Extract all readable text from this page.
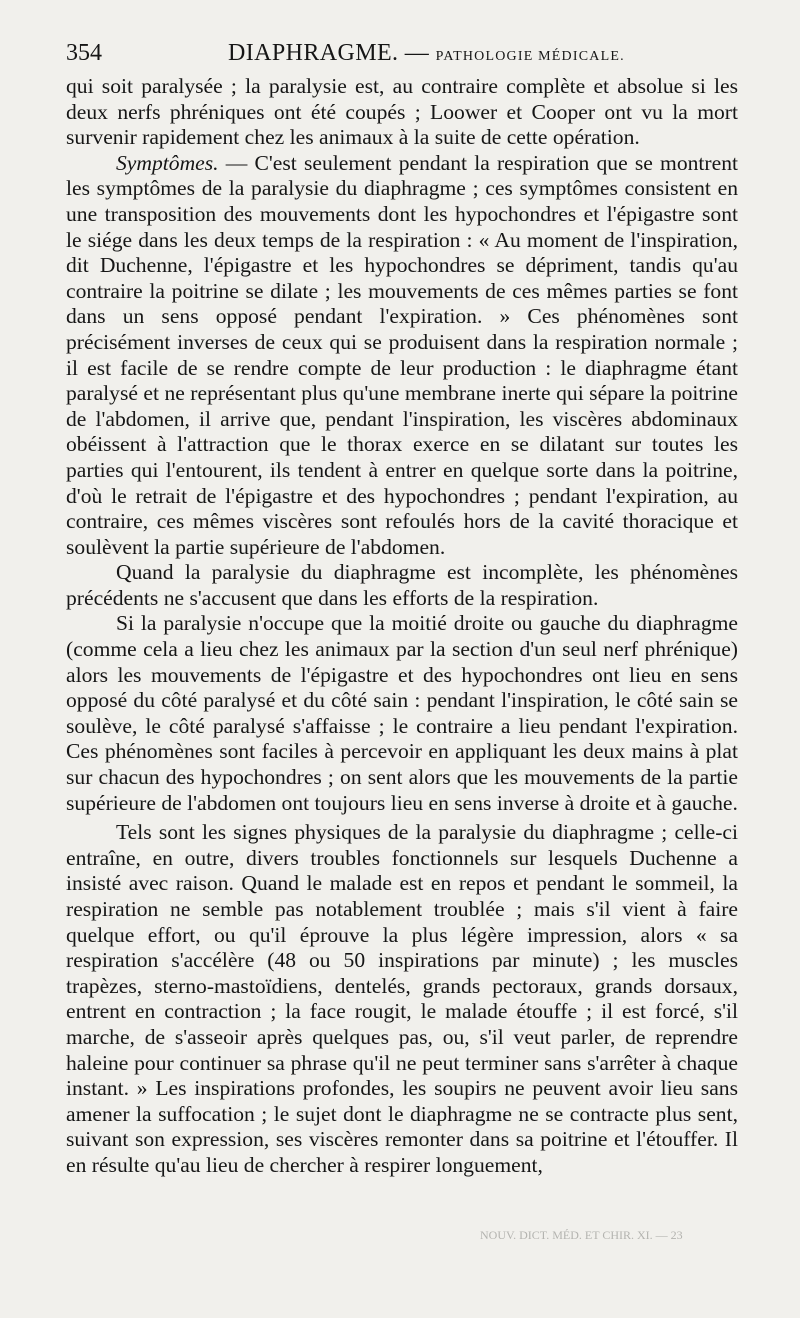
354	DIAPHRAGME. — PATHOLOGIE MÉDICALE.

qui soit paralysée ; la paralysie est, au contraire complète et absolue si les deux nerfs phréniques ont été coupés ; Loower et Cooper ont vu la mort survenir rapidement chez les animaux à la suite de cette opération.

Symptômes. — C'est seulement pendant la respiration que se montrent les symptômes de la paralysie du diaphragme ; ces symptômes consistent en une transposition des mouvements dont les hypochondres et l'épigastre sont le siége dans les deux temps de la respiration : « Au moment de l'inspiration, dit Duchenne, l'épigastre et les hypochondres se dépriment, tandis qu'au contraire la poitrine se dilate ; les mouvements de ces mêmes parties se font dans un sens opposé pendant l'expiration. » Ces phénomènes sont précisément inverses de ceux qui se produisent dans la respiration normale ; il est facile de se rendre compte de leur production : le diaphragme étant paralysé et ne représentant plus qu'une membrane inerte qui sépare la poitrine de l'abdomen, il arrive que, pendant l'inspiration, les viscères abdominaux obéissent à l'attraction que le thorax exerce en se dilatant sur toutes les parties qui l'entourent, ils tendent à entrer en quelque sorte dans la poitrine, d'où le retrait de l'épigastre et des hypochondres ; pendant l'expiration, au contraire, ces mêmes viscères sont refoulés hors de la cavité thoracique et soulèvent la partie supérieure de l'abdomen.

Quand la paralysie du diaphragme est incomplète, les phénomènes précédents ne s'accusent que dans les efforts de la respiration.

Si la paralysie n'occupe que la moitié droite ou gauche du diaphragme (comme cela a lieu chez les animaux par la section d'un seul nerf phrénique) alors les mouvements de l'épigastre et des hypochondres ont lieu en sens opposé du côté paralysé et du côté sain : pendant l'inspiration, le côté sain se soulève, le côté paralysé s'affaisse ; le contraire a lieu pendant l'expiration. Ces phénomènes sont faciles à percevoir en appliquant les deux mains à plat sur chacun des hypochondres ; on sent alors que les mouvements de la partie supérieure de l'abdomen ont toujours lieu en sens inverse à droite et à gauche.

Tels sont les signes physiques de la paralysie du diaphragme ; celle-ci entraîne, en outre, divers troubles fonctionnels sur lesquels Duchenne a insisté avec raison. Quand le malade est en repos et pendant le sommeil, la respiration ne semble pas notablement troublée ; mais s'il vient à faire quelque effort, ou qu'il éprouve la plus légère impression, alors « sa respiration s'accélère (48 ou 50 inspirations par minute) ; les muscles trapèzes, sterno-mastoïdiens, dentelés, grands pectoraux, grands dorsaux, entrent en contraction ; la face rougit, le malade étouffe ; il est forcé, s'il marche, de s'asseoir après quelques pas, ou, s'il veut parler, de reprendre haleine pour continuer sa phrase qu'il ne peut terminer sans s'arrêter à chaque instant. » Les inspirations profondes, les soupirs ne peuvent avoir lieu sans amener la suffocation ; le sujet dont le diaphragme ne se contracte plus sent, suivant son expression, ses viscères remonter dans sa poitrine et l'étouffer. Il en résulte qu'au lieu de chercher à respirer longuement,

NOUV. DICT. MÉD. ET CHIR. XI. — 23
